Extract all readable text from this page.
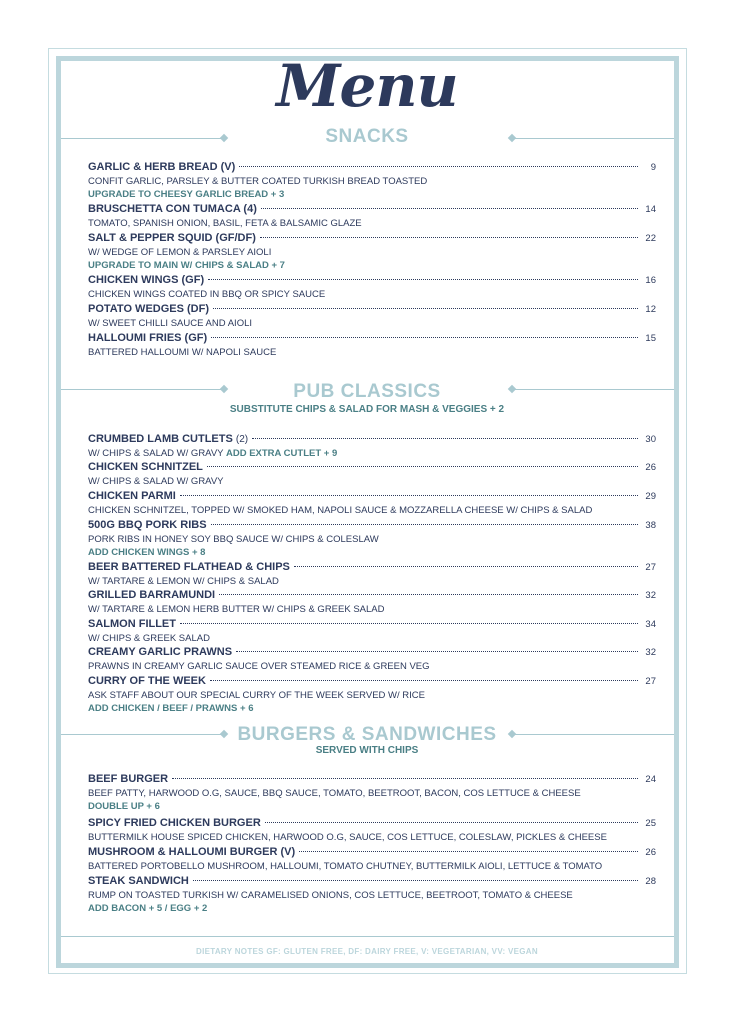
Menu
SNACKS
GARLIC & HERB BREAD (V)	9
CONFIT GARLIC, PARSLEY & BUTTER COATED TURKISH BREAD TOASTED
UPGRADE TO CHEESY GARLIC BREAD + 3
BRUSCHETTA CON TUMACA (4)	14
TOMATO, SPANISH ONION, BASIL, FETA & BALSAMIC GLAZE
SALT & PEPPER SQUID (GF/DF)	22
W/ WEDGE OF LEMON & PARSLEY AIOLI
UPGRADE TO MAIN W/ CHIPS & SALAD + 7
CHICKEN WINGS (GF)	16
CHICKEN WINGS COATED IN BBQ OR SPICY SAUCE
POTATO WEDGES (DF)	12
W/ SWEET CHILLI SAUCE AND AIOLI
HALLOUMI FRIES (GF)	15
BATTERED HALLOUMI W/ NAPOLI SAUCE
PUB CLASSICS
SUBSTITUTE CHIPS & SALAD FOR MASH & VEGGIES + 2
CRUMBED LAMB CUTLETS (2)	30
W/ CHIPS & SALAD W/ GRAVY ADD EXTRA CUTLET + 9
CHICKEN SCHNITZEL	26
W/ CHIPS & SALAD W/ GRAVY
CHICKEN PARMI	29
CHICKEN SCHNITZEL, TOPPED W/ SMOKED HAM, NAPOLI SAUCE & MOZZARELLA CHEESE W/ CHIPS & SALAD
500G BBQ PORK RIBS	38
PORK RIBS IN HONEY SOY BBQ SAUCE W/ CHIPS & COLESLAW
ADD CHICKEN WINGS + 8
BEER BATTERED FLATHEAD & CHIPS	27
W/ TARTARE & LEMON W/ CHIPS & SALAD
GRILLED BARRAMUNDI	32
W/ TARTARE & LEMON HERB BUTTER W/ CHIPS & GREEK SALAD
SALMON FILLET	34
W/ CHIPS & GREEK SALAD
CREAMY GARLIC PRAWNS	32
PRAWNS IN CREAMY GARLIC SAUCE OVER STEAMED RICE & GREEN VEG
CURRY OF THE WEEK	27
ASK STAFF ABOUT OUR SPECIAL CURRY OF THE WEEK SERVED W/ RICE
ADD CHICKEN / BEEF / PRAWNS + 6
BURGERS & SANDWICHES
SERVED WITH CHIPS
BEEF BURGER	24
BEEF PATTY, HARWOOD O.G, SAUCE, BBQ SAUCE, TOMATO, BEETROOT, BACON, COS LETTUCE & CHEESE
DOUBLE UP + 6
SPICY FRIED CHICKEN BURGER	25
BUTTERMILK HOUSE SPICED CHICKEN, HARWOOD O.G, SAUCE, COS LETTUCE, COLESLAW, PICKLES & CHEESE
MUSHROOM & HALLOUMI BURGER (V)	26
BATTERED PORTOBELLO MUSHROOM, HALLOUMI, TOMATO CHUTNEY, BUTTERMILK AIOLI, LETTUCE & TOMATO
STEAK SANDWICH	28
RUMP ON TOASTED TURKISH W/ CARAMELISED ONIONS, COS LETTUCE, BEETROOT, TOMATO & CHEESE
ADD BACON + 5 / EGG + 2
DIETARY NOTES GF: GLUTEN FREE, DF: DAIRY FREE, V: VEGETARIAN, VV: VEGAN
